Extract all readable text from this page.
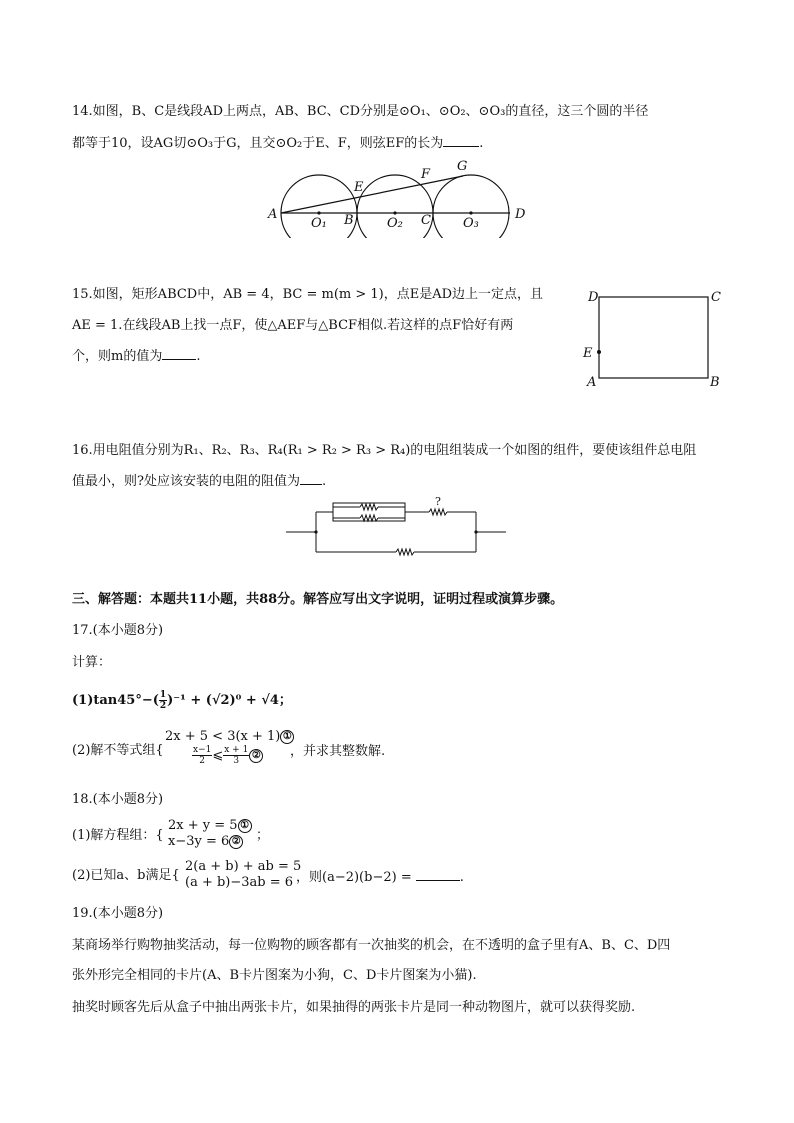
14.如图，B、C是线段AD上两点，AB、BC、CD分别是⊙O₁、⊙O₂、⊙O₃的直径，这三个圆的半径
都等于10，设AG切⊙O₃于G，且交⊙O₂于E、F，则弦EF的长为	.
A	B	C	D
E
F
G
O₁	O₂	O₃
15.如图，矩形ABCD中，AB = 4，BC = m(m > 1)，点E是AD边上一定点，且
AE = 1.在线段AB上找一点F，使△AEF与△BCF相似.若这样的点F恰好有两
个，则m的值为	.
D	C
E
A	B
16.用电阻值分别为R₁、R₂、R₃、R₄(R₁ > R₂ > R₃ > R₄)的电阻组装成一个如图的组件，要使该组件总电阻
值最小，则?处应该安装的电阻的阻值为 .
?
三、解答题：本题共11小题，共88分。解答应写出文字说明，证明过程或演算步骤。
17.(本小题8分)
计算：
$(1)\tan 45^\circ-( \frac{1}{2} )^{-1} + (√2)^0 + √4$；
(2)解不等式组{
2x + 5 < 3(x + 1) ①
$\frac{x-1}{2}$ ⩽ $\frac{x + 1}{3}$ ② ，并求其整数解.
18.(本小题8分)
(1)解方程组：{
2x + y = 5 ①
x−3y = 6 ② ；
(2)已知a、b满足{
2(a + b) + ab = 5
(a + b)−3ab = 6 ，则(a−2)(b−2) =	.
19.(本小题8分)
某商场举行购物抽奖活动，每一位购物的顾客都有一次抽奖的机会，在不透明的盒子里有A、B、C、D四
张外形完全相同的卡片(A、B卡片图案为小狗，C、D卡片图案为小猫).
抽奖时顾客先后从盒子中抽出两张卡片，如果抽得的两张卡片是同一种动物图片，就可以获得奖励.
